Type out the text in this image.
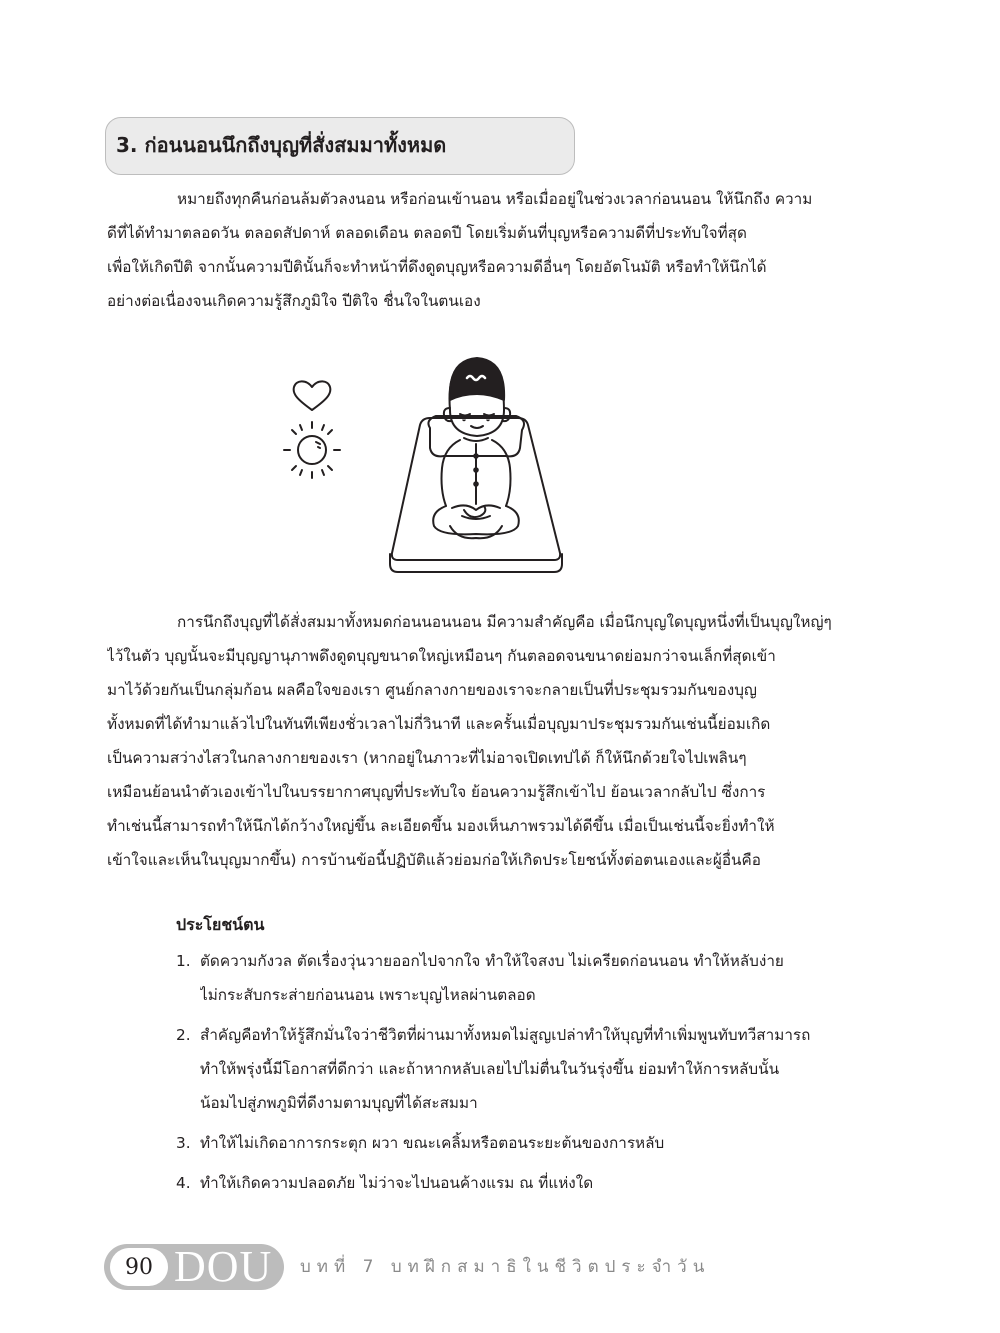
3. ก่อนนอนนึกถึงบุญที่สั่งสมมาทั้งหมด
หมายถึงทุกคืนก่อนล้มตัวลงนอน หรือก่อนเข้านอน หรือเมื่ออยู่ในช่วงเวลาก่อนนอน ให้นึกถึง ความ
ดีที่ได้ทำมาตลอดวัน ตลอดสัปดาห์ ตลอดเดือน ตลอดปี โดยเริ่มต้นที่บุญหรือความดีที่ประทับใจที่สุด
เพื่อให้เกิดปีติ จากนั้นความปีตินั้นก็จะทำหน้าที่ดึงดูดบุญหรือความดีอื่นๆ โดยอัตโนมัติ หรือทำให้นึกได้
อย่างต่อเนื่องจนเกิดความรู้สึกภูมิใจ ปีติใจ ชื่นใจในตนเอง
การนึกถึงบุญที่ได้สั่งสมมาทั้งหมดก่อนนอนนอน มีความสำคัญคือ เมื่อนึกบุญใดบุญหนึ่งที่เป็นบุญใหญ่ๆ
ไว้ในตัว บุญนั้นจะมีบุญญานุภาพดึงดูดบุญขนาดใหญ่เหมือนๆ กันตลอดจนขนาดย่อมกว่าจนเล็กที่สุดเข้า
มาไว้ด้วยกันเป็นกลุ่มก้อน ผลคือใจของเรา ศูนย์กลางกายของเราจะกลายเป็นที่ประชุมรวมกันของบุญ
ทั้งหมดที่ได้ทำมาแล้วไปในทันทีเพียงชั่วเวลาไม่กี่วินาที และครั้นเมื่อบุญมาประชุมรวมกันเช่นนี้ย่อมเกิด
เป็นความสว่างไสวในกลางกายของเรา (หากอยู่ในภาวะที่ไม่อาจเปิดเทปได้ ก็ให้นึกด้วยใจไปเพลินๆ
เหมือนย้อนนำตัวเองเข้าไปในบรรยากาศบุญที่ประทับใจ ย้อนความรู้สึกเข้าไป ย้อนเวลากลับไป ซึ่งการ
ทำเช่นนี้สามารถทำให้นึกได้กว้างใหญ่ขึ้น ละเอียดขึ้น มองเห็นภาพรวมได้ดีขึ้น เมื่อเป็นเช่นนี้จะยิ่งทำให้
เข้าใจและเห็นในบุญมากขึ้น) การบ้านข้อนี้ปฏิบัติแล้วย่อมก่อให้เกิดประโยชน์ทั้งต่อตนเองและผู้อื่นคือ
ประโยชน์ตน
1. ตัดความกังวล ตัดเรื่องวุ่นวายออกไปจากใจ ทำให้ใจสงบ ไม่เครียดก่อนนอน ทำให้หลับง่าย
ไม่กระสับกระส่ายก่อนนอน เพราะบุญไหลผ่านตลอด
2. สำคัญคือทำให้รู้สึกมั่นใจว่าชีวิตที่ผ่านมาทั้งหมดไม่สูญเปล่าทำให้บุญที่ทำเพิ่มพูนทับทวีสามารถ
ทำให้พรุ่งนี้มีโอกาสที่ดีกว่า และถ้าหากหลับเลยไปไม่ตื่นในวันรุ่งขึ้น ย่อมทำให้การหลับนั้น
น้อมไปสู่ภพภูมิที่ดีงามตามบุญที่ได้สะสมมา
3. ทำให้ไม่เกิดอาการกระตุก ผวา ขณะเคลิ้มหรือตอนระยะต้นของการหลับ
4. ทำให้เกิดความปลอดภัย ไม่ว่าจะไปนอนค้างแรม ณ ที่แห่งใด
90 DOU บทที่ 7 บทฝึกสมาธิในชีวิตประจำวัน
